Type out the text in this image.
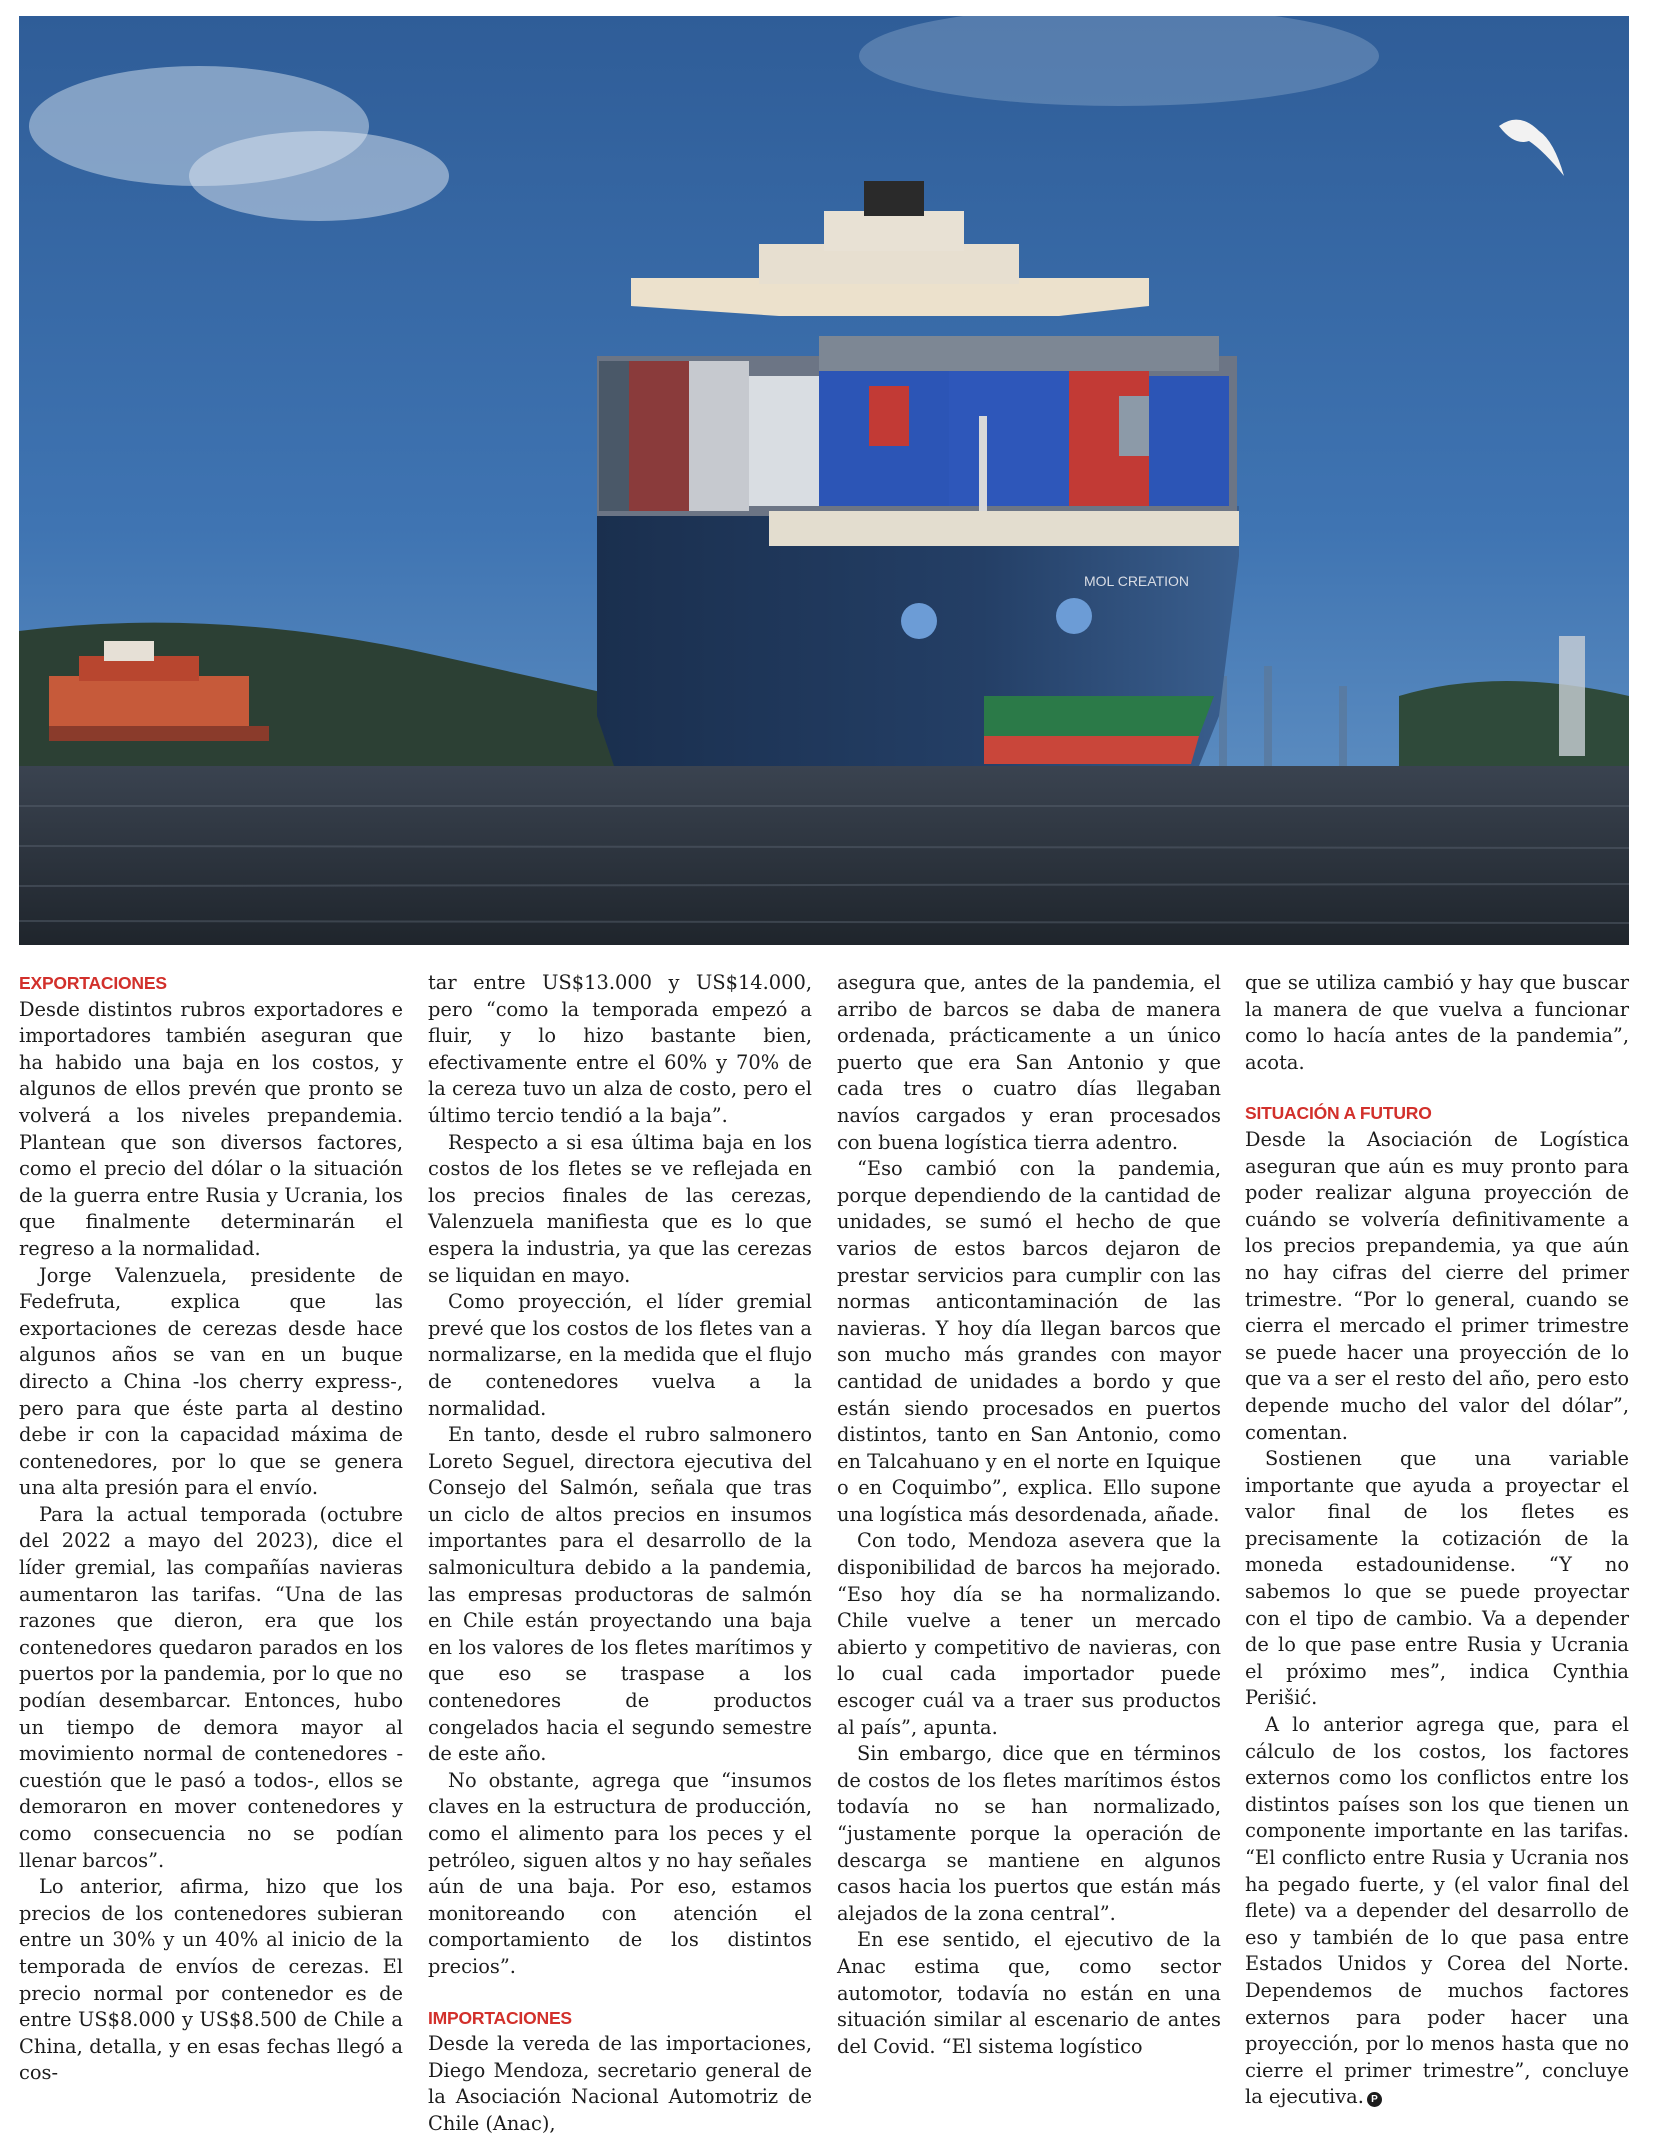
MOL CREATION
EXPORTACIONES

Desde distintos rubros exportadores e importadores también aseguran que ha habido una baja en los costos, y algunos de ellos prevén que pronto se volverá a los niveles prepandemia. Plantean que son diversos factores, como el precio del dólar o la situación de la guerra entre Rusia y Ucrania, los que finalmente determinarán el regreso a la normalidad.

Jorge Valenzuela, presidente de Fedefruta, explica que las exportaciones de cerezas desde hace algunos años se van en un buque directo a China -los cherry express-, pero para que éste parta al destino debe ir con la capacidad máxima de contenedores, por lo que se genera una alta presión para el envío.

Para la actual temporada (octubre del 2022 a mayo del 2023), dice el líder gremial, las compañías navieras aumentaron las tarifas. “Una de las razones que dieron, era que los contenedores quedaron parados en los puertos por la pandemia, por lo que no podían desembarcar. Entonces, hubo un tiempo de demora mayor al movimiento normal de contenedores -cuestión que le pasó a todos-, ellos se demoraron en mover contenedores y como consecuencia no se podían llenar barcos”.

Lo anterior, afirma, hizo que los precios de los contenedores subieran entre un 30% y un 40% al inicio de la temporada de envíos de cerezas. El precio normal por contenedor es de entre US$8.000 y US$8.500 de Chile a China, detalla, y en esas fechas llegó a cos-

tar entre US$13.000 y US$14.000, pero “como la temporada empezó a fluir, y lo hizo bastante bien, efectivamente entre el 60% y 70% de la cereza tuvo un alza de costo, pero el último tercio tendió a la baja”.

Respecto a si esa última baja en los costos de los fletes se ve reflejada en los precios finales de las cerezas, Valenzuela manifiesta que es lo que espera la industria, ya que las cerezas se liquidan en mayo.

Como proyección, el líder gremial prevé que los costos de los fletes van a normalizarse, en la medida que el flujo de contenedores vuelva a la normalidad.

En tanto, desde el rubro salmonero Loreto Seguel, directora ejecutiva del Consejo del Salmón, señala que tras un ciclo de altos precios en insumos importantes para el desarrollo de la salmonicultura debido a la pandemia, las empresas productoras de salmón en Chile están proyectando una baja en los valores de los fletes marítimos y que eso se traspase a los contenedores de productos congelados hacia el segundo semestre de este año.

No obstante, agrega que “insumos claves en la estructura de producción, como el alimento para los peces y el petróleo, siguen altos y no hay señales aún de una baja. Por eso, estamos monitoreando con atención el comportamiento de los distintos precios”.

IMPORTACIONES

Desde la vereda de las importaciones, Diego Mendoza, secretario general de la Asociación Nacional Automotriz de Chile (Anac),

asegura que, antes de la pandemia, el arribo de barcos se daba de manera ordenada, prácticamente a un único puerto que era San Antonio y que cada tres o cuatro días llegaban navíos cargados y eran procesados con buena logística tierra adentro.

“Eso cambió con la pandemia, porque dependiendo de la cantidad de unidades, se sumó el hecho de que varios de estos barcos dejaron de prestar servicios para cumplir con las normas anticontaminación de las navieras. Y hoy día llegan barcos que son mucho más grandes con mayor cantidad de unidades a bordo y que están siendo procesados en puertos distintos, tanto en San Antonio, como en Talcahuano y en el norte en Iquique o en Coquimbo”, explica. Ello supone una logística más desordenada, añade.

Con todo, Mendoza asevera que la disponibilidad de barcos ha mejorado. “Eso hoy día se ha normalizando. Chile vuelve a tener un mercado abierto y competitivo de navieras, con lo cual cada importador puede escoger cuál va a traer sus productos al país”, apunta.

Sin embargo, dice que en términos de costos de los fletes marítimos éstos todavía no se han normalizado, “justamente porque la operación de descarga se mantiene en algunos casos hacia los puertos que están más alejados de la zona central”.

En ese sentido, el ejecutivo de la Anac estima que, como sector automotor, todavía no están en una situación similar al escenario de antes del Covid. “El sistema logístico

que se utiliza cambió y hay que buscar la manera de que vuelva a funcionar como lo hacía antes de la pandemia”, acota.

SITUACIÓN A FUTURO

Desde la Asociación de Logística aseguran que aún es muy pronto para poder realizar alguna proyección de cuándo se volvería definitivamente a los precios prepandemia, ya que aún no hay cifras del cierre del primer trimestre. “Por lo general, cuando se cierra el mercado el primer trimestre se puede hacer una proyección de lo que va a ser el resto del año, pero esto depende mucho del valor del dólar”, comentan.

Sostienen que una variable importante que ayuda a proyectar el valor final de los fletes es precisamente la cotización de la moneda estadounidense. “Y no sabemos lo que se puede proyectar con el tipo de cambio. Va a depender de lo que pase entre Rusia y Ucrania el próximo mes”, indica Cynthia Perišić.

A lo anterior agrega que, para el cálculo de los costos, los factores externos como los conflictos entre los distintos países son los que tienen un componente importante en las tarifas. “El conflicto entre Rusia y Ucrania nos ha pegado fuerte, y (el valor final del flete) va a depender del desarrollo de eso y también de lo que pasa entre Estados Unidos y Corea del Norte. Dependemos de muchos factores externos para poder hacer una proyección, por lo menos hasta que no cierre el primer trimestre”, concluye la ejecutiva. P
